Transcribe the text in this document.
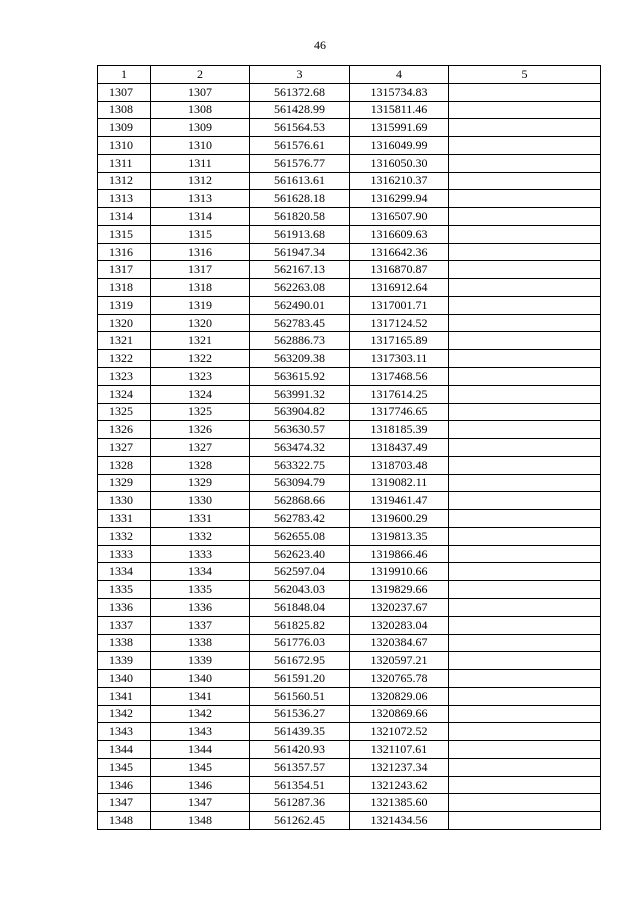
46
1	2	3	4	5
1307	1307	561372.68	1315734.83	
1308	1308	561428.99	1315811.46	
1309	1309	561564.53	1315991.69	
1310	1310	561576.61	1316049.99	
1311	1311	561576.77	1316050.30	
1312	1312	561613.61	1316210.37	
1313	1313	561628.18	1316299.94	
1314	1314	561820.58	1316507.90	
1315	1315	561913.68	1316609.63	
1316	1316	561947.34	1316642.36	
1317	1317	562167.13	1316870.87	
1318	1318	562263.08	1316912.64	
1319	1319	562490.01	1317001.71	
1320	1320	562783.45	1317124.52	
1321	1321	562886.73	1317165.89	
1322	1322	563209.38	1317303.11	
1323	1323	563615.92	1317468.56	
1324	1324	563991.32	1317614.25	
1325	1325	563904.82	1317746.65	
1326	1326	563630.57	1318185.39	
1327	1327	563474.32	1318437.49	
1328	1328	563322.75	1318703.48	
1329	1329	563094.79	1319082.11	
1330	1330	562868.66	1319461.47	
1331	1331	562783.42	1319600.29	
1332	1332	562655.08	1319813.35	
1333	1333	562623.40	1319866.46	
1334	1334	562597.04	1319910.66	
1335	1335	562043.03	1319829.66	
1336	1336	561848.04	1320237.67	
1337	1337	561825.82	1320283.04	
1338	1338	561776.03	1320384.67	
1339	1339	561672.95	1320597.21	
1340	1340	561591.20	1320765.78	
1341	1341	561560.51	1320829.06	
1342	1342	561536.27	1320869.66	
1343	1343	561439.35	1321072.52	
1344	1344	561420.93	1321107.61	
1345	1345	561357.57	1321237.34	
1346	1346	561354.51	1321243.62	
1347	1347	561287.36	1321385.60	
1348	1348	561262.45	1321434.56	
